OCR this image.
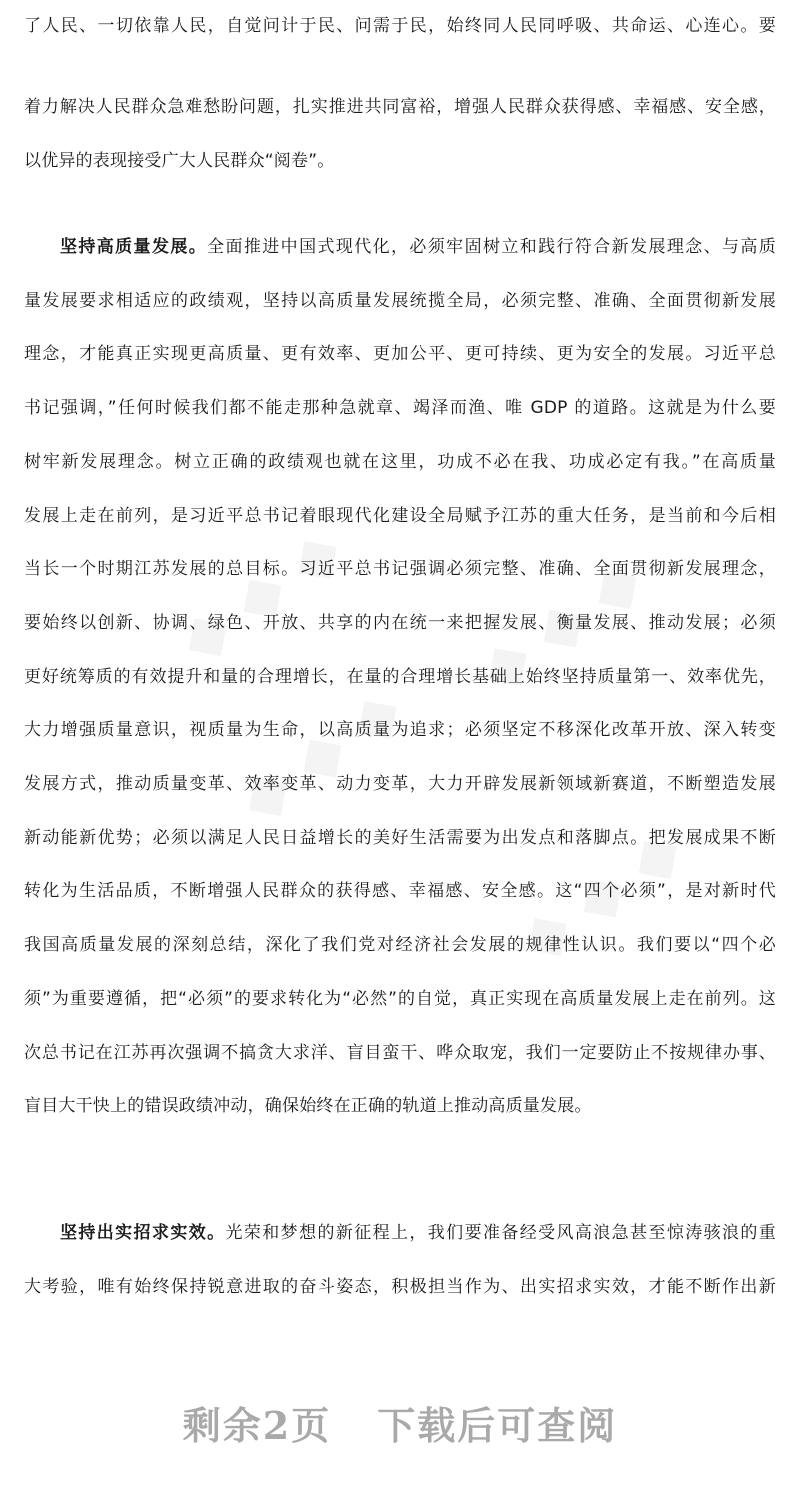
◆ ◆ ◆
◆ ◆ ◆
◆ ◆ ◆
◆ ◆ ◆
了人民、一切依靠人民，自觉问计于民、问需于民，始终同人民同呼吸、共命运、心连心。要
着力解决人民群众急难愁盼问题，扎实推进共同富裕，增强人民群众获得感、幸福感、安全感，
以优异的表现接受广大人民群众“阅卷”。
坚持高质量发展。全面推进中国式现代化，必须牢固树立和践行符合新发展理念、与高质
量发展要求相适应的政绩观，坚持以高质量发展统揽全局，必须完整、准确、全面贯彻新发展
理念，才能真正实现更高质量、更有效率、更加公平、更可持续、更为安全的发展。习近平总
书记强调，”任何时候我们都不能走那种急就章、竭泽而渔、唯 GDP 的道路。这就是为什么要
树牢新发展理念。树立正确的政绩观也就在这里，功成不必在我、功成必定有我。”在高质量
发展上走在前列，是习近平总书记着眼现代化建设全局赋予江苏的重大任务，是当前和今后相
当长一个时期江苏发展的总目标。习近平总书记强调必须完整、准确、全面贯彻新发展理念，
要始终以创新、协调、绿色、开放、共享的内在统一来把握发展、衡量发展、推动发展；必须
更好统筹质的有效提升和量的合理增长，在量的合理增长基础上始终坚持质量第一、效率优先，
大力增强质量意识，视质量为生命，以高质量为追求；必须坚定不移深化改革开放、深入转变
发展方式，推动质量变革、效率变革、动力变革，大力开辟发展新领域新赛道，不断塑造发展
新动能新优势；必须以满足人民日益增长的美好生活需要为出发点和落脚点。把发展成果不断
转化为生活品质，不断增强人民群众的获得感、幸福感、安全感。这“四个必须”，是对新时代
我国高质量发展的深刻总结，深化了我们党对经济社会发展的规律性认识。我们要以“四个必
须”为重要遵循，把“必须”的要求转化为“必然”的自觉，真正实现在高质量发展上走在前列。这
次总书记在江苏再次强调不搞贪大求洋、盲目蛮干、哗众取宠，我们一定要防止不按规律办事、
盲目大干快上的错误政绩冲动，确保始终在正确的轨道上推动高质量发展。
坚持出实招求实效。光荣和梦想的新征程上，我们要准备经受风高浪急甚至惊涛骇浪的重
大考验，唯有始终保持锐意进取的奋斗姿态，积极担当作为、出实招求实效，才能不断作出新
剩余2页 下载后可查阅
